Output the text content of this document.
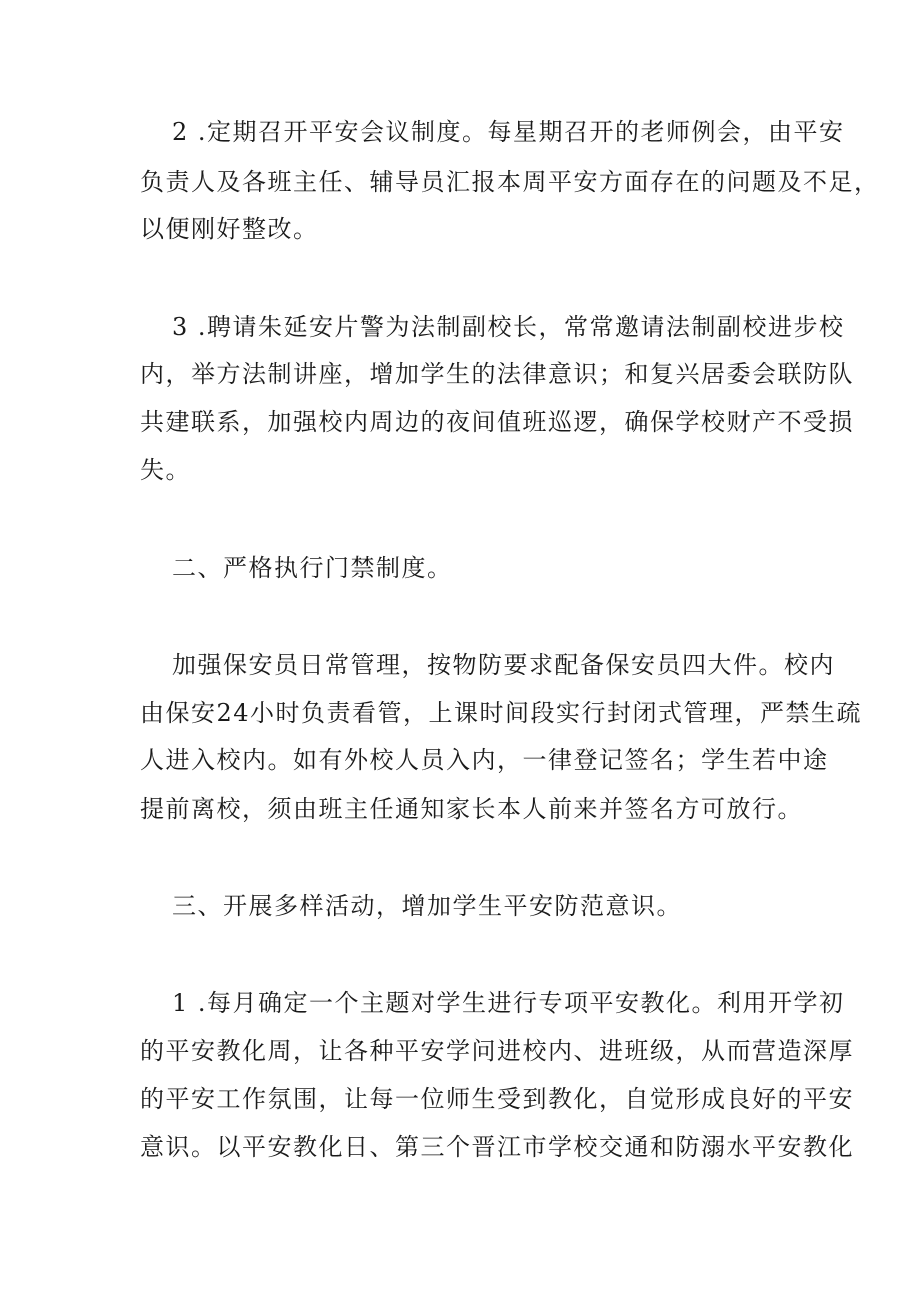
2 .定期召开平安会议制度。每星期召开的老师例会，由平安
负责人及各班主任、辅导员汇报本周平安方面存在的问题及不足，
以便刚好整改。
3 .聘请朱延安片警为法制副校长，常常邀请法制副校进步校
内，举方法制讲座，增加学生的法律意识；和复兴居委会联防队
共建联系，加强校内周边的夜间值班巡逻，确保学校财产不受损
失。
二、严格执行门禁制度。
加强保安员日常管理，按物防要求配备保安员四大件。校内
由保安24小时负责看管，上课时间段实行封闭式管理，严禁生疏
人进入校内。如有外校人员入内，一律登记签名；学生若中途
提前离校，须由班主任通知家长本人前来并签名方可放行。
三、开展多样活动，增加学生平安防范意识。
1 .每月确定一个主题对学生进行专项平安教化。利用开学初
的平安教化周，让各种平安学问进校内、进班级，从而营造深厚
的平安工作氛围，让每一位师生受到教化，自觉形成良好的平安
意识。以平安教化日、第三个晋江市学校交通和防溺水平安教化
